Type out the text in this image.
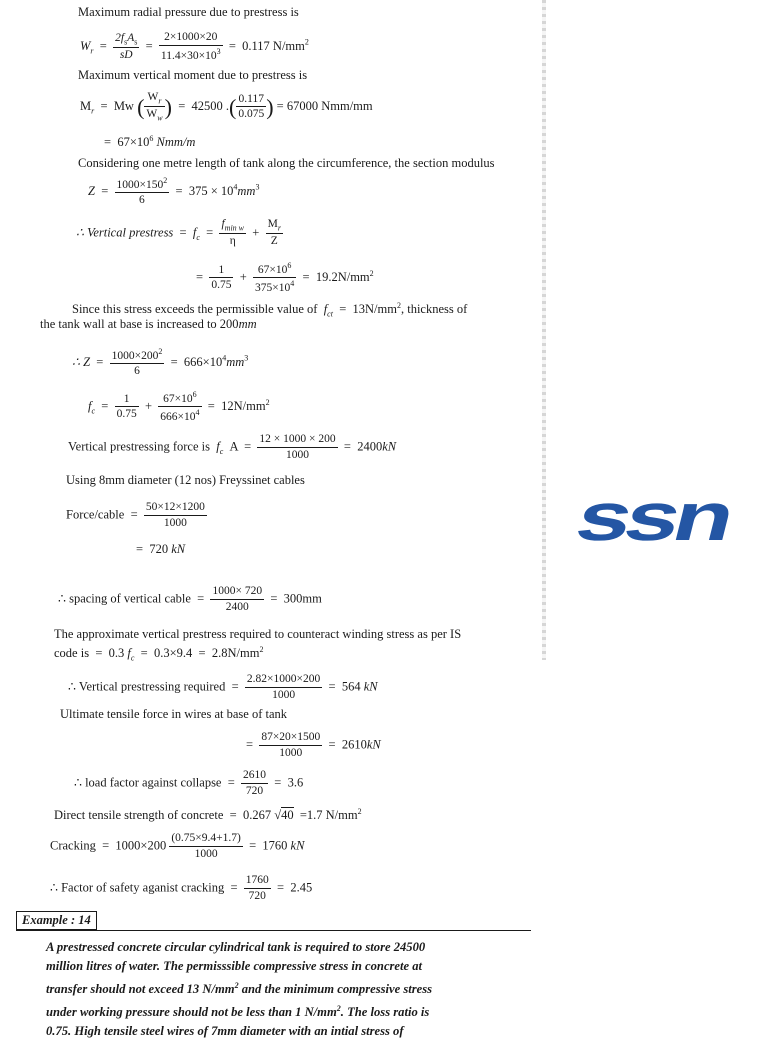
Maximum radial pressure due to prestress is
$W_r$ =
$2f_sA_s$
sD
= $\frac{2\times 1000\times 20}{11.4\times 30\times 10^3} = 0.117$ $N/mm^2$
Maximum vertical moment due to prestress is
$M_r = Mw$ ( $\frac{W_r}{W_w}$ ) = 42500 .( $\frac{0.117}{0.075}$ ) = 67000 Nmm/mm
= $67\times 10^6$ Nmm/m
Considering one metre length of tank along the circumference, the section modulus
$Z = \frac{1000\times 150^2}{6} = 375 \times 10^4mm^3$
∴ Vertical prestress = $f_c$ =
$f_{min w}$
η
+ $\frac{M_r}{Z}$
= $\frac{1}{0.75} + \frac{67\times 10^6}{375\times 10^4} = 19.2N/mm^2$
Since this stress exceeds the permissible value of $f_{ct} = 13N/mm^2$, thickness of
the tank wall at base is increased to 200mm
∴ $Z = \frac{1000\times 200^2}{6} = 666\times 10^4mm^3$
$f_c = \frac{1}{0.75} + \frac{67\times 10^6}{666\times 10^4} = 12N/mm^2$
Vertical prestressing force is $f_c$ $A = \frac{12 \times 1000 \times 200}{1000} = 2400kN$
Using 8mm diameter (12 nos) Freyssinet cables
Force/cable = $\frac{50\times 12\times 1200}{1000}$
= 720 kN
∴ spacing of vertical cable = $\frac{1000\times 720}{2400} = 300mm$
The approximate vertical prestress required to counteract winding stress as per IS
code is = 0.3 $f_c = 0.3\times 9.4 = 2.8N/mm^2$
∴ Vertical prestressing required = $\frac{2.82\times 1000\times 200}{1000} = 564$ kN
Ultimate tensile force in wires at base of tank
= $\frac{87\times 20\times 1500}{1000} = 2610kN$
∴ load factor against collapse = $\frac{2610}{720} = 3.6$
Direct tensile strength of concrete = 0.267 √40 =1.7 $N/mm^2$
Cracking = $1000\times 200 \frac{(0.75\times 9.4+1.7)}{1000} = 1760$ kN
∴ Factor of safety aganist cracking = $\frac{1760}{720} = 2.45$
Example : 14
A prestressed concrete circular cylindrical tank is required to store 24500
million litres of water. The permisssible compressive stress in concrete at
transfer should not exceed 13 $N/mm^2$ and the minimum compressive stress
under working pressure should not be less than 1 $N/mm^2$. The loss ratio is
0.75. High tensile steel wires of 7mm diameter with an intial stress of
ssn
